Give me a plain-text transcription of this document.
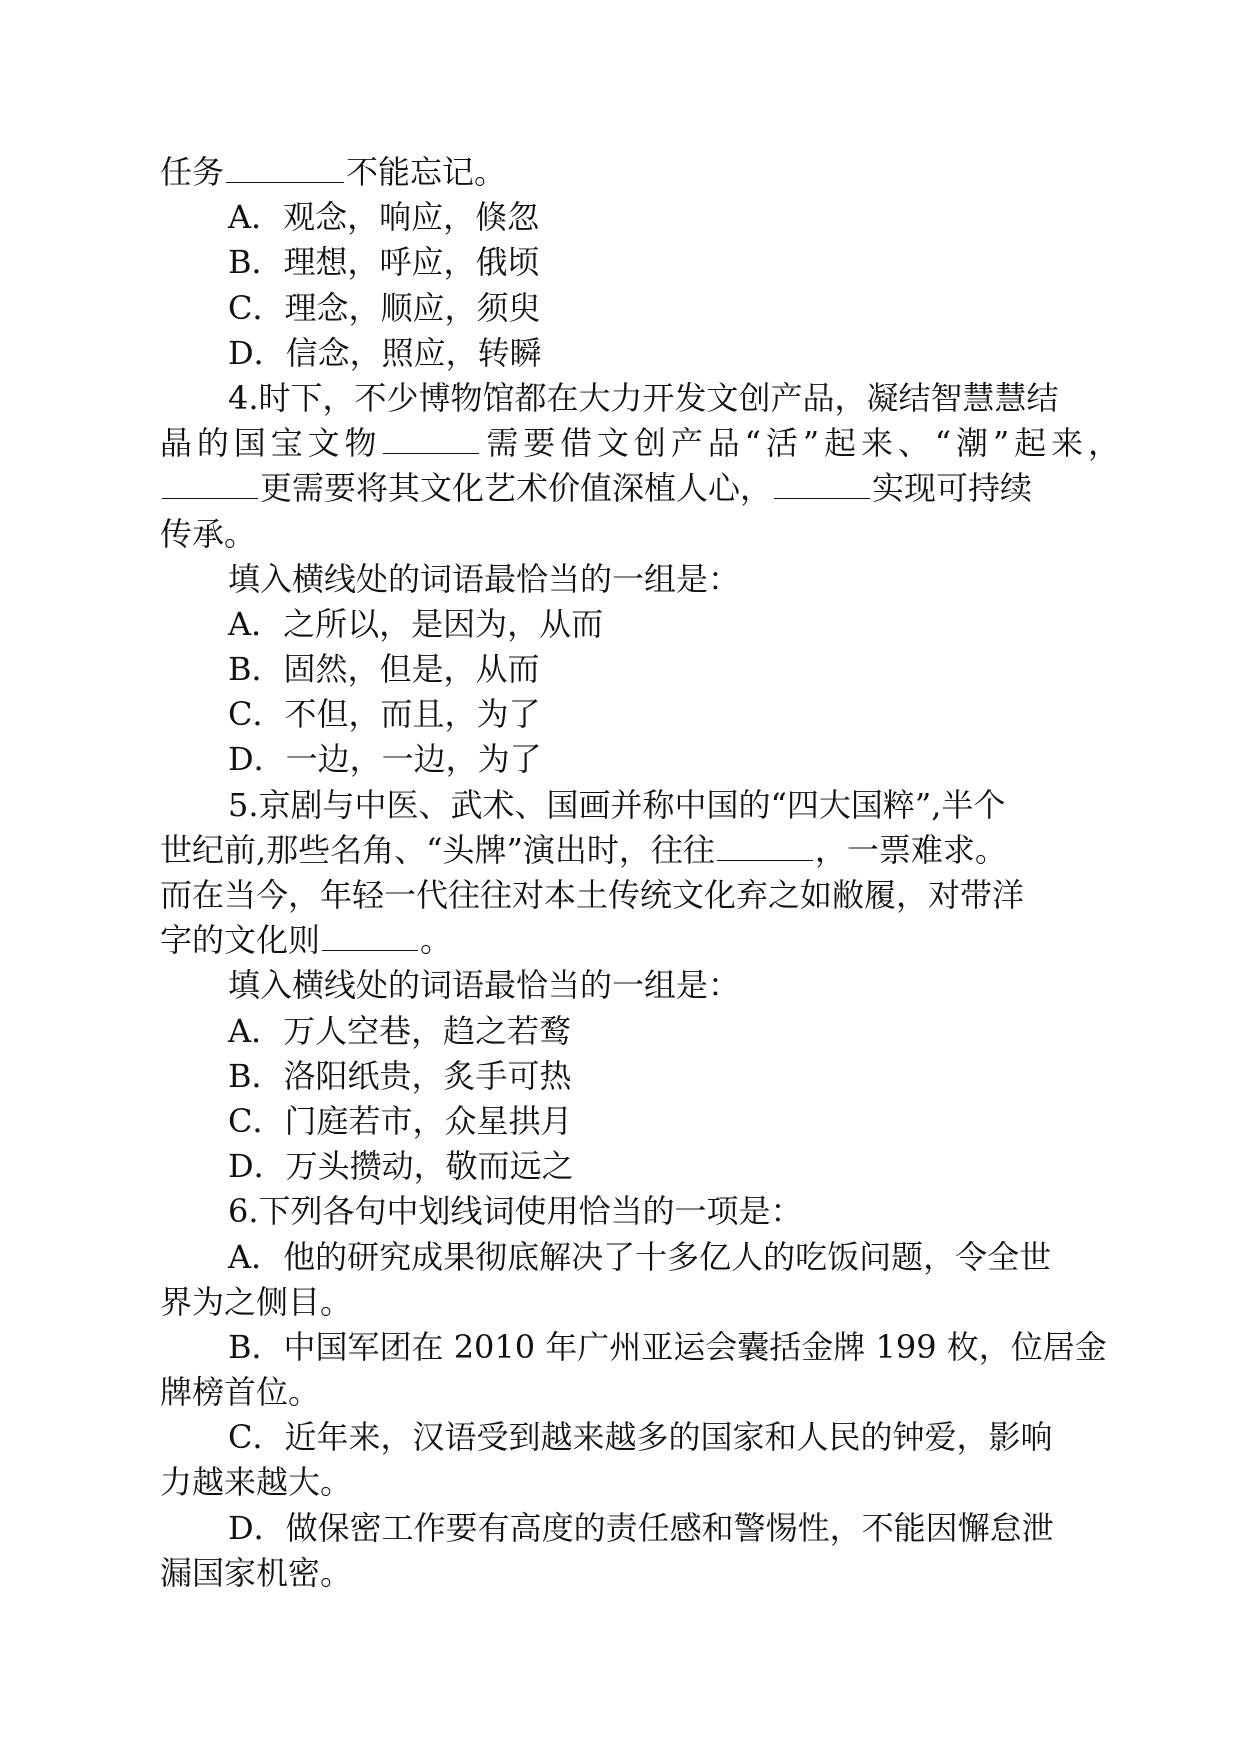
任务	不能忘记。
A．观念，响应，倏忽
B．理想，呼应，俄顷
C．理念，顺应，须臾
D．信念，照应，转瞬
4.时下，不少博物馆都在大力开发文创产品，凝结智慧慧结
晶的国宝文物	需要借文创产品“活”起来、“潮”起来，
更需要将其文化艺术价值深植人心，	实现可持续
传承。
填入横线处的词语最恰当的一组是：
A．之所以，是因为，从而
B．固然，但是，从而
C．不但，而且，为了
D．一边，一边，为了
5.京剧与中医、武术、国画并称中国的“四大国粹”,半个
世纪前,那些名角、“头牌”演出时，往往	，一票难求。
而在当今，年轻一代往往对本土传统文化弃之如敝履，对带洋
字的文化则	。
填入横线处的词语最恰当的一组是：
A．万人空巷，趋之若鹜
B．洛阳纸贵，炙手可热
C．门庭若市，众星拱月
D．万头攒动，敬而远之
6.下列各句中划线词使用恰当的一项是：
A．他的研究成果彻底解决了十多亿人的吃饭问题，令全世
界为之侧目。
B．中国军团在 2010 年广州亚运会囊括金牌 199 枚，位居金
牌榜首位。
C．近年来，汉语受到越来越多的国家和人民的钟爱，影响
力越来越大。
D．做保密工作要有高度的责任感和警惕性，不能因懈怠泄
漏国家机密。
